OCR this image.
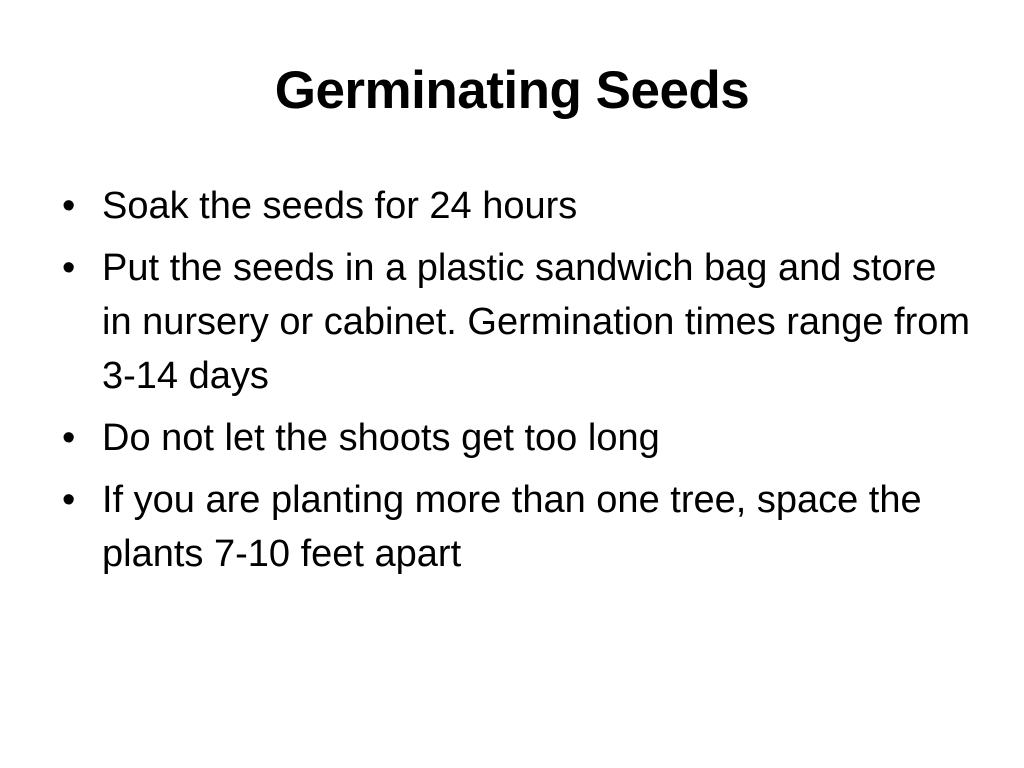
Germinating Seeds
• Soak the seeds for 24 hours
• Put the seeds in a plastic sandwich bag and store in nursery or cabinet. Germination times range from 3-14 days
• Do not let the shoots get too long
• If you are planting more than one tree, space the plants 7-10 feet apart
